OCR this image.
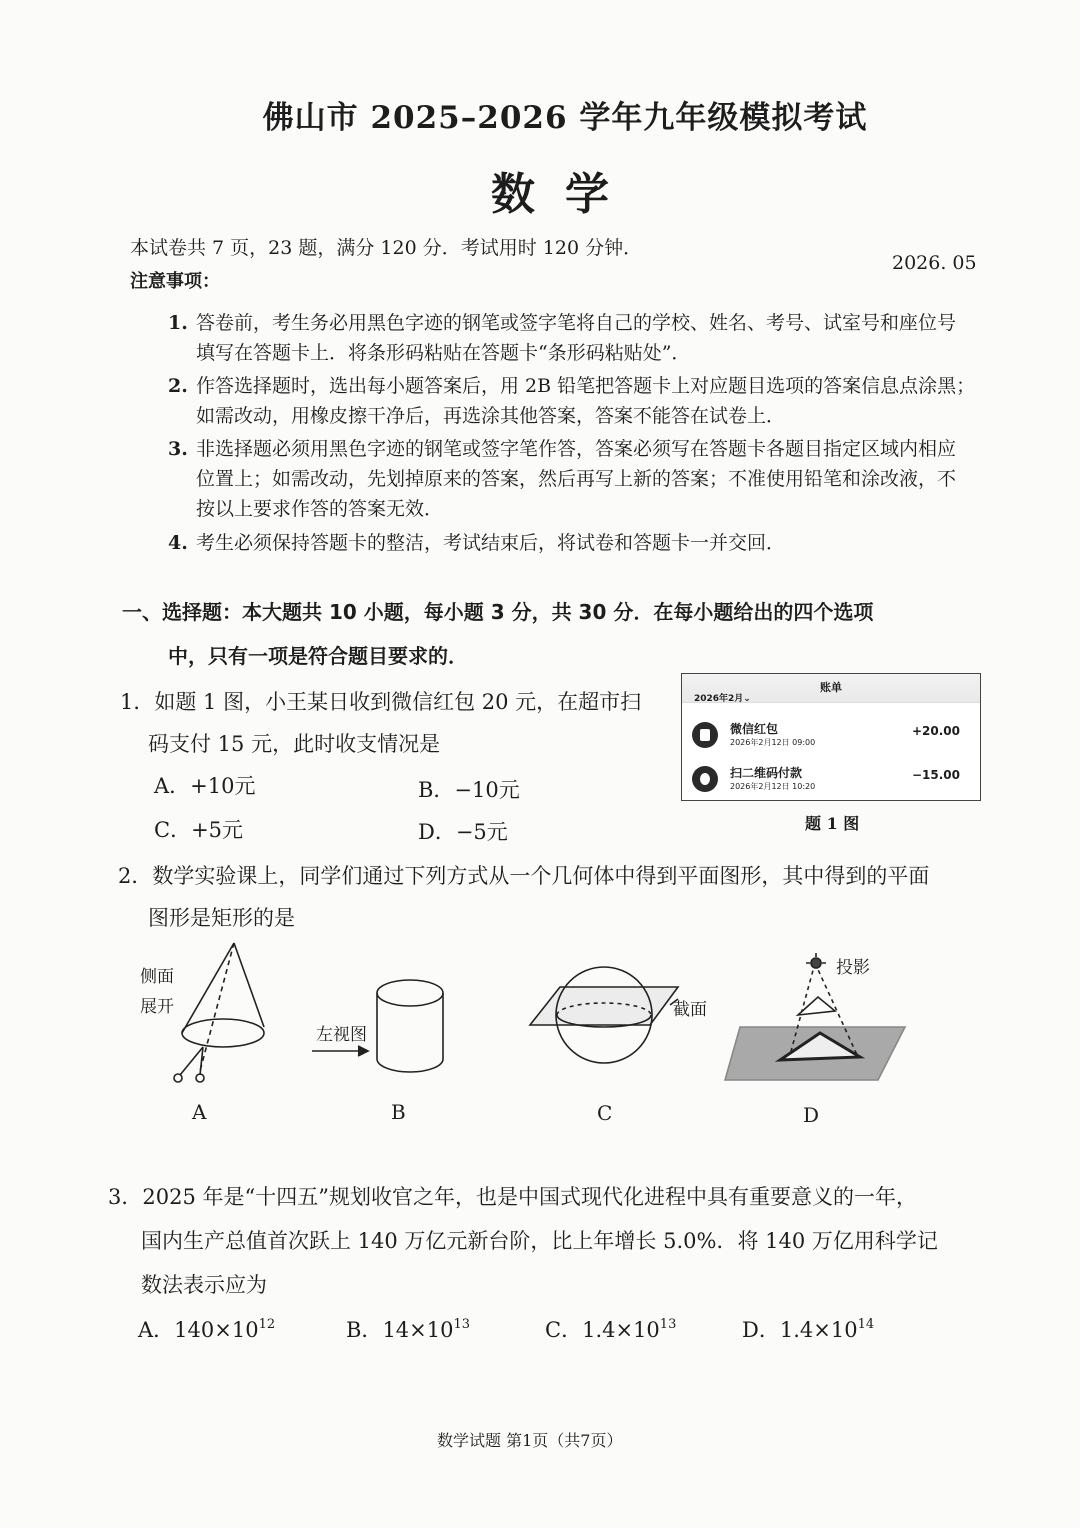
佛山市 2025–2026 学年九年级模拟考试
数学
本试卷共 7 页，23 题，满分 120 分．考试用时 120 分钟．
2026. 05
注意事项：
1. 答卷前，考生务必用黑色字迹的钢笔或签字笔将自己的学校、姓名、考号、试室号和座位号
填写在答题卡上．将条形码粘贴在答题卡“条形码粘贴处”．
2. 作答选择题时，选出每小题答案后，用 2B 铅笔把答题卡上对应题目选项的答案信息点涂黑；
如需改动，用橡皮擦干净后，再选涂其他答案，答案不能答在试卷上．
3. 非选择题必须用黑色字迹的钢笔或签字笔作答，答案必须写在答题卡各题目指定区域内相应
位置上；如需改动，先划掉原来的答案，然后再写上新的答案；不准使用铅笔和涂改液，不
按以上要求作答的答案无效．
4. 考生必须保持答题卡的整洁，考试结束后，将试卷和答题卡一并交回．
一、选择题：本大题共 10 小题，每小题 3 分，共 30 分．在每小题给出的四个选项
中，只有一项是符合题目要求的．
1．如题 1 图，小王某日收到微信红包 20 元，在超市扫
码支付 15 元，此时收支情况是
A．+10元	B．−10元
C．+5元	D．−5元
账单
2026年2月⌄
微信红包
2026年2月12日 09:00
+20.00
扫二维码付款
2026年2月12日 10:20
−15.00
题 1 图
2．数学实验课上，同学们通过下列方式从一个几何体中得到平面图形，其中得到的平面
图形是矩形的是
侧面
展开
左视图
截面
投影
A	B	C	D
3．2025 年是“十四五”规划收官之年，也是中国式现代化进程中具有重要意义的一年，
国内生产总值首次跃上 140 万亿元新台阶，比上年增长 5.0%．将 140 万亿用科学记
数法表示应为
A．$140\times 10^{12}$	B．$14\times 10^{13}$	C．$1.4\times 10^{13}$	D．$1.4\times 10^{14}$
数学试题 第1页（共7页）
